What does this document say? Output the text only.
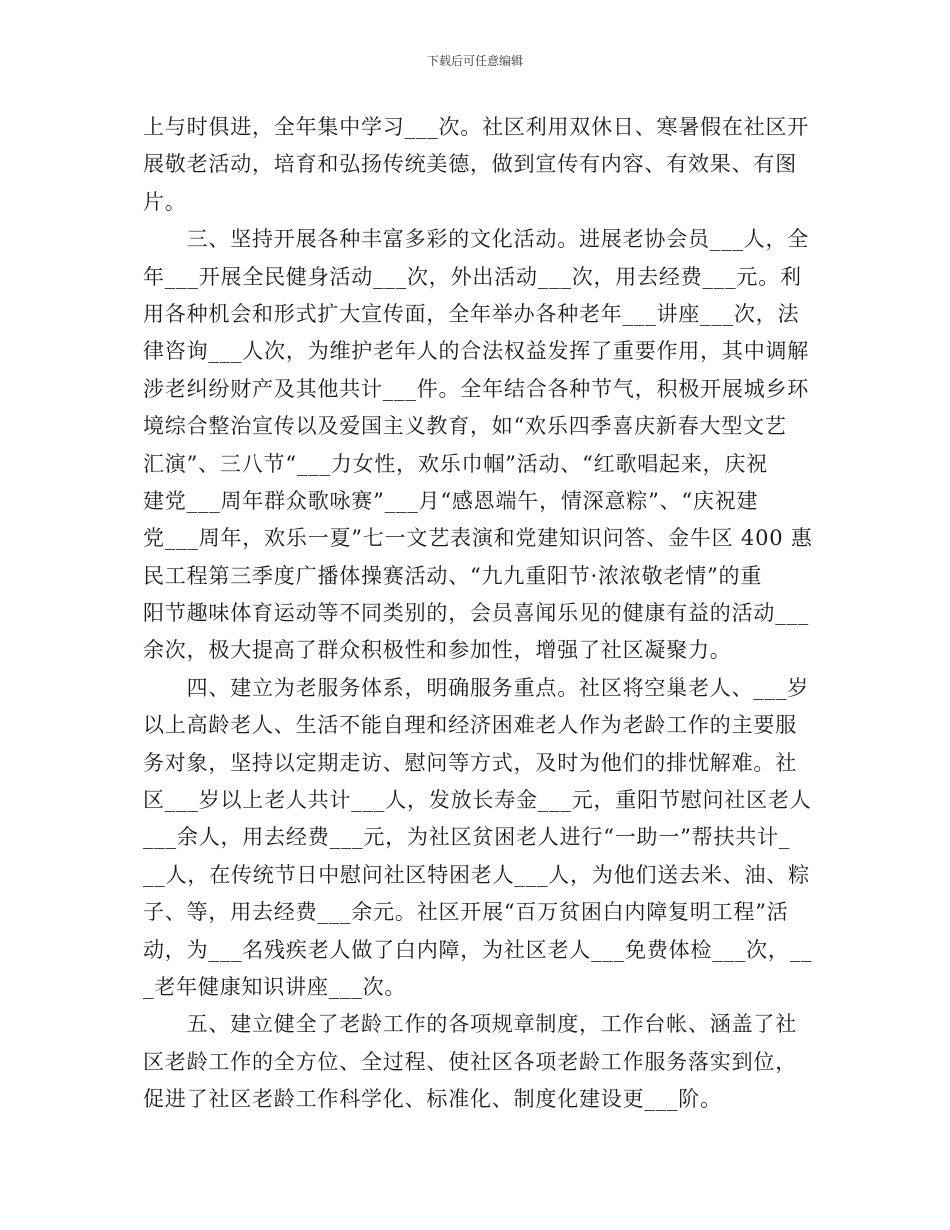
下载后可任意编辑
上与时俱进，全年集中学习___次。社区利用双休日、寒暑假在社区开
展敬老活动，培育和弘扬传统美德，做到宣传有内容、有效果、有图
片。
　　三、坚持开展各种丰富多彩的文化活动。进展老协会员___人，全
年___开展全民健身活动___次，外出活动___次，用去经费___元。利
用各种机会和形式扩大宣传面，全年举办各种老年___讲座___次，法
律咨询___人次，为维护老年人的合法权益发挥了重要作用，其中调解
涉老纠纷财产及其他共计___件。全年结合各种节气，积极开展城乡环
境综合整治宣传以及爱国主义教育，如“欢乐四季喜庆新春大型文艺
汇演”、三八节“___力女性，欢乐巾帼”活动、“红歌唱起来，庆祝
建党___周年群众歌咏赛”___月“感恩端午，情深意粽”、“庆祝建
党___周年，欢乐一夏”七一文艺表演和党建知识问答、金牛区 400 惠
民工程第三季度广播体操赛活动、“九九重阳节·浓浓敬老情”的重
阳节趣味体育运动等不同类别的，会员喜闻乐见的健康有益的活动___
余次，极大提高了群众积极性和参加性，增强了社区凝聚力。
　　四、建立为老服务体系，明确服务重点。社区将空巢老人、___岁
以上高龄老人、生活不能自理和经济困难老人作为老龄工作的主要服
务对象，坚持以定期走访、慰问等方式，及时为他们的排忧解难。社
区___岁以上老人共计___人，发放长寿金___元，重阳节慰问社区老人
___余人，用去经费___元，为社区贫困老人进行“一助一”帮扶共计_
__人，在传统节日中慰问社区特困老人___人，为他们送去米、油、粽
子、等，用去经费___余元。社区开展“百万贫困白内障复明工程”活
动，为___名残疾老人做了白内障，为社区老人___免费体检___次，__
_老年健康知识讲座___次。
　　五、建立健全了老龄工作的各项规章制度，工作台帐、涵盖了社
区老龄工作的全方位、全过程、使社区各项老龄工作服务落实到位，
促进了社区老龄工作科学化、标准化、制度化建设更___阶。
